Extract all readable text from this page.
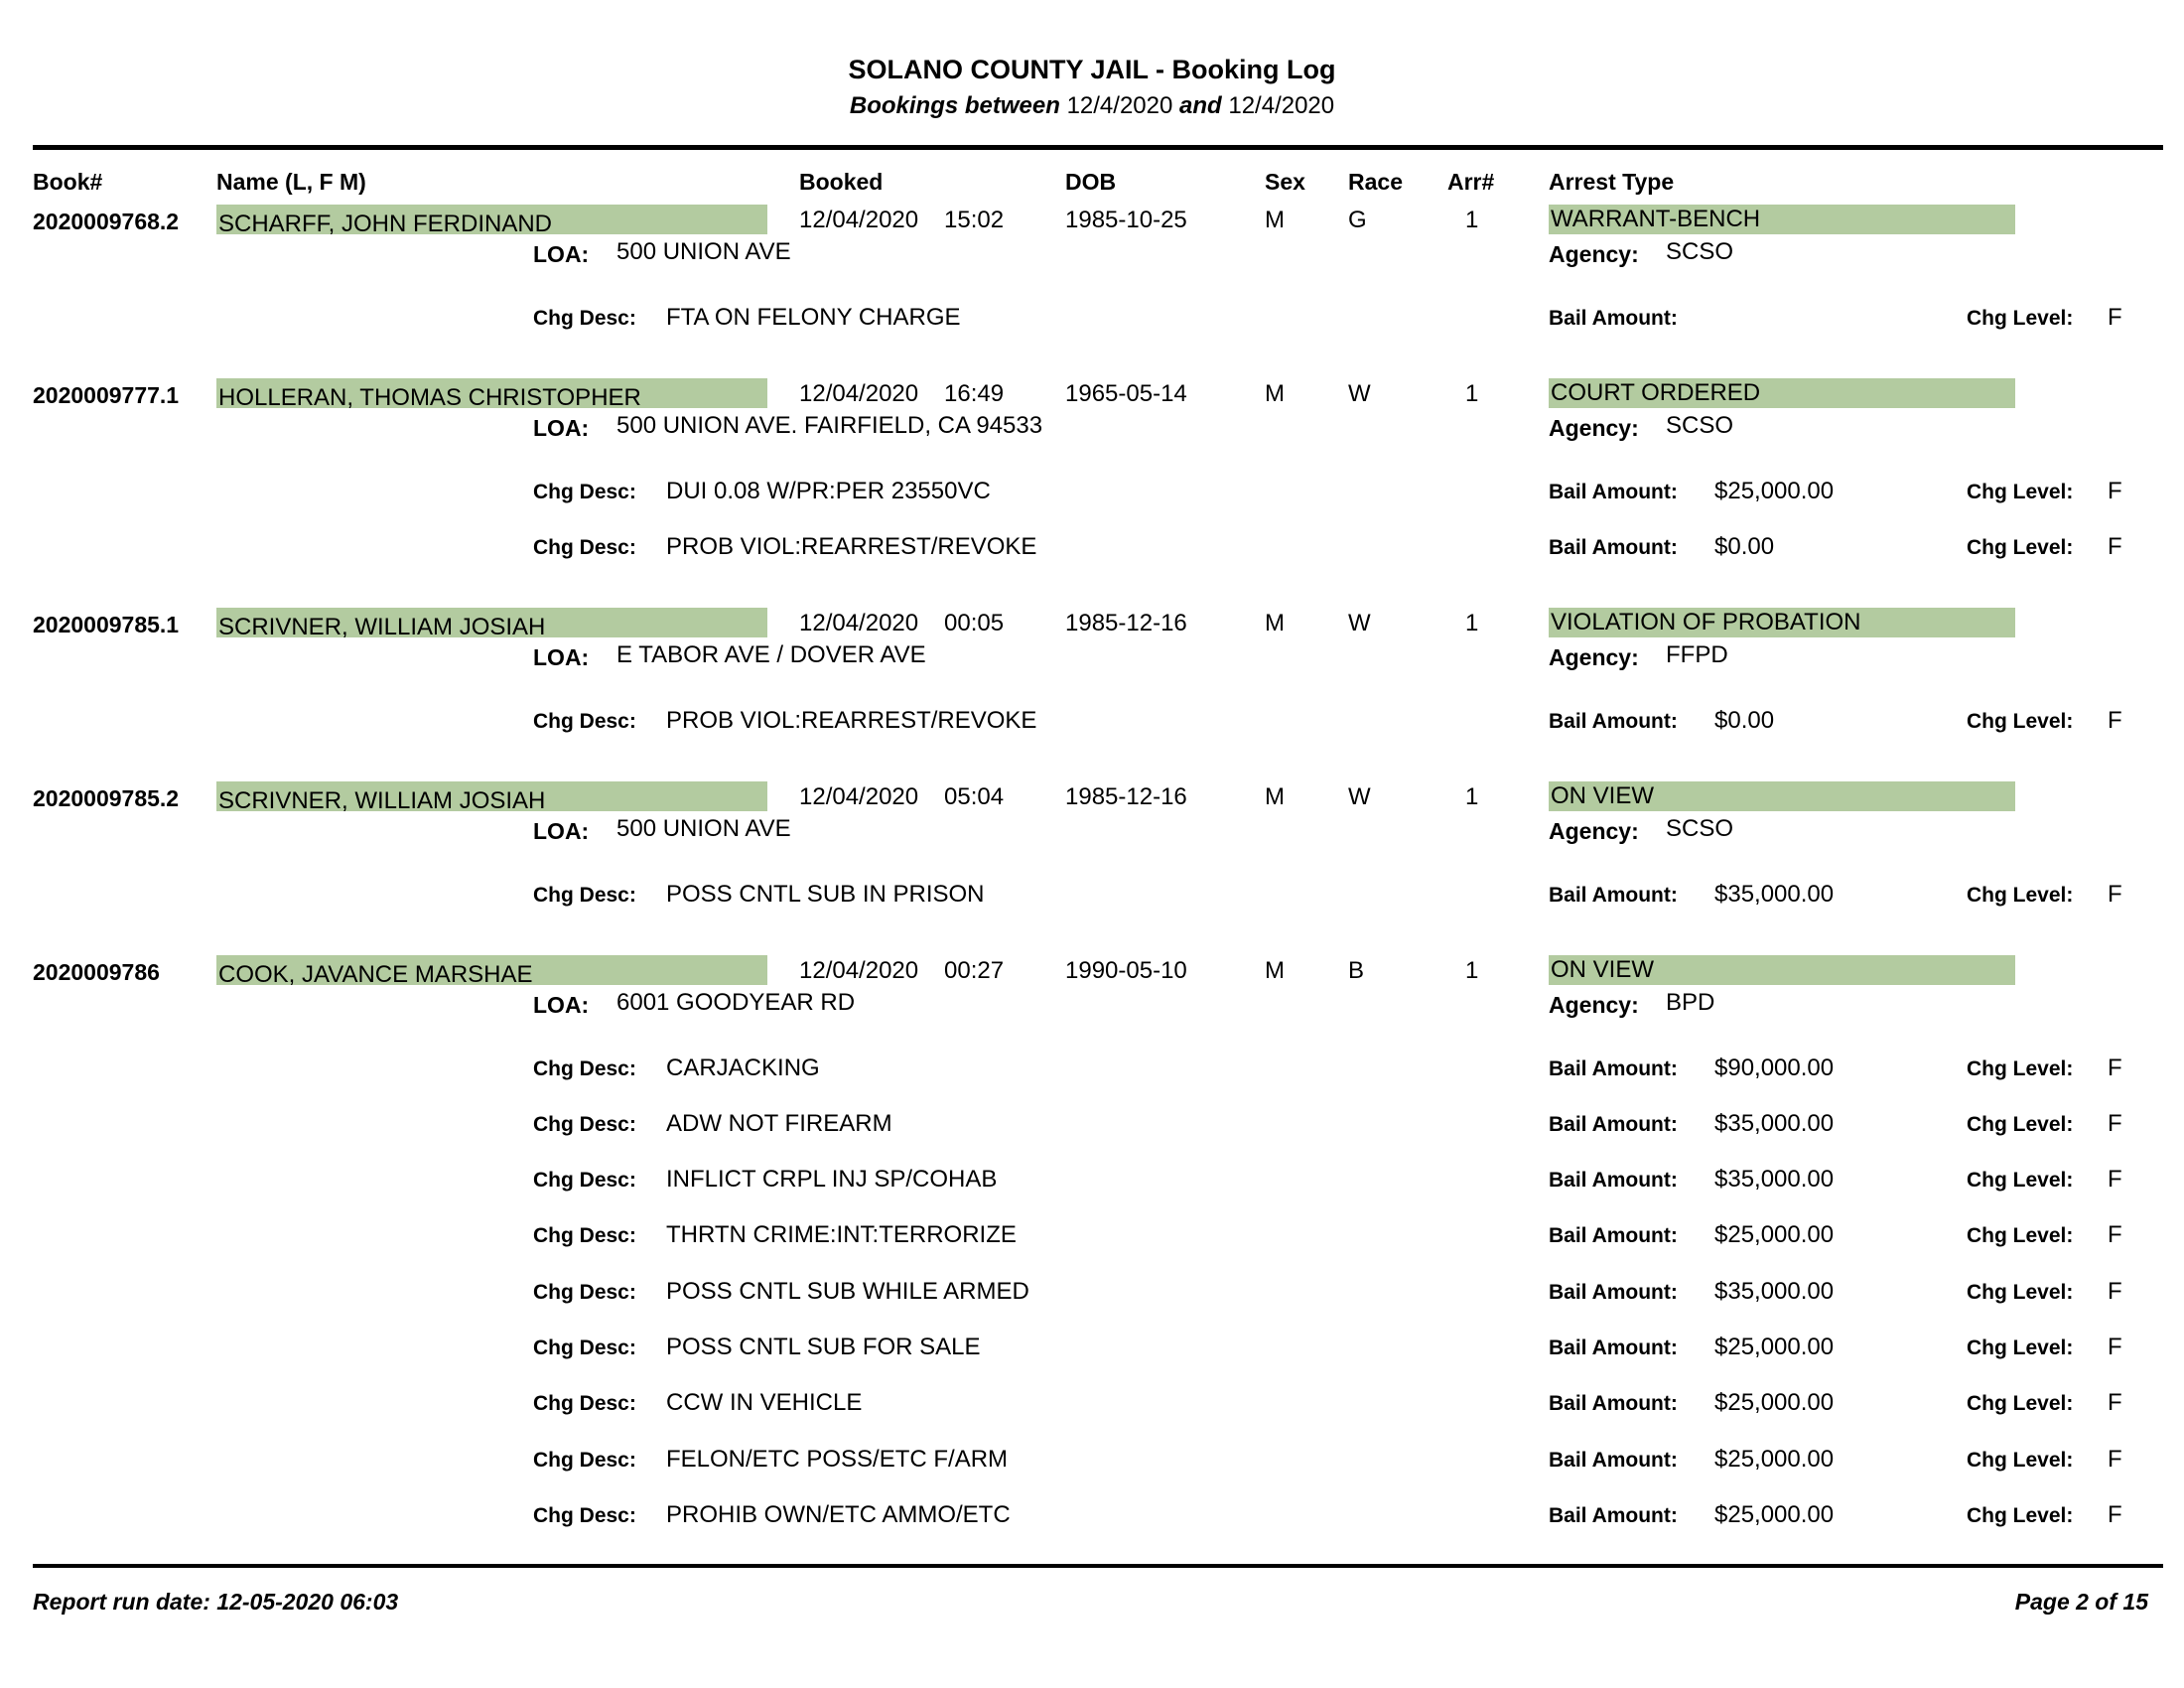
SOLANO COUNTY JAIL - Booking Log
Bookings between 12/4/2020 and 12/4/2020
Book#	Name (L, F M)	Booked	DOB	Sex Race Arr# Arrest Type
2020009768.2 SCHARFF, JOHN FERDINAND	12/04/2020 15:02	1985-10-25	M	G	1	WARRANT-BENCH
LOA: 500 UNION AVE	Agency: SCSO
Chg Desc: FTA ON FELONY CHARGE	Bail Amount:	Chg Level: F
2020009777.1 HOLLERAN, THOMAS CHRISTOPHER	12/04/2020 16:49	1965-05-14	M	W	1	COURT ORDERED
LOA: 500 UNION AVE. FAIRFIELD, CA 94533	Agency: SCSO
Chg Desc: DUI 0.08 W/PR:PER 23550VC	Bail Amount: $25,000.00	Chg Level: F
Chg Desc: PROB VIOL:REARREST/REVOKE	Bail Amount: $0.00	Chg Level: F
2020009785.1 SCRIVNER, WILLIAM JOSIAH	12/04/2020 00:05	1985-12-16	M	W	1	VIOLATION OF PROBATION
LOA: E TABOR AVE / DOVER AVE	Agency: FFPD
Chg Desc: PROB VIOL:REARREST/REVOKE	Bail Amount: $0.00	Chg Level: F
2020009785.2 SCRIVNER, WILLIAM JOSIAH	12/04/2020 05:04	1985-12-16	M	W	1	ON VIEW
LOA: 500 UNION AVE	Agency: SCSO
Chg Desc: POSS CNTL SUB IN PRISON	Bail Amount: $35,000.00	Chg Level: F
2020009786 COOK, JAVANCE MARSHAE	12/04/2020 00:27	1990-05-10	M	B	1	ON VIEW
LOA: 6001 GOODYEAR RD	Agency: BPD
Chg Desc: CARJACKING	Bail Amount: $90,000.00	Chg Level: F
Chg Desc: ADW NOT FIREARM	Bail Amount: $35,000.00	Chg Level: F
Chg Desc: INFLICT CRPL INJ SP/COHAB	Bail Amount: $35,000.00	Chg Level: F
Chg Desc: THRTN CRIME:INT:TERRORIZE	Bail Amount: $25,000.00	Chg Level: F
Chg Desc: POSS CNTL SUB WHILE ARMED	Bail Amount: $35,000.00	Chg Level: F
Chg Desc: POSS CNTL SUB FOR SALE	Bail Amount: $25,000.00	Chg Level: F
Chg Desc: CCW IN VEHICLE	Bail Amount: $25,000.00	Chg Level: F
Chg Desc: FELON/ETC POSS/ETC F/ARM	Bail Amount: $25,000.00	Chg Level: F
Chg Desc: PROHIB OWN/ETC AMMO/ETC	Bail Amount: $25,000.00	Chg Level: F
Report run date: 12-05-2020 06:03	Page 2 of 15
